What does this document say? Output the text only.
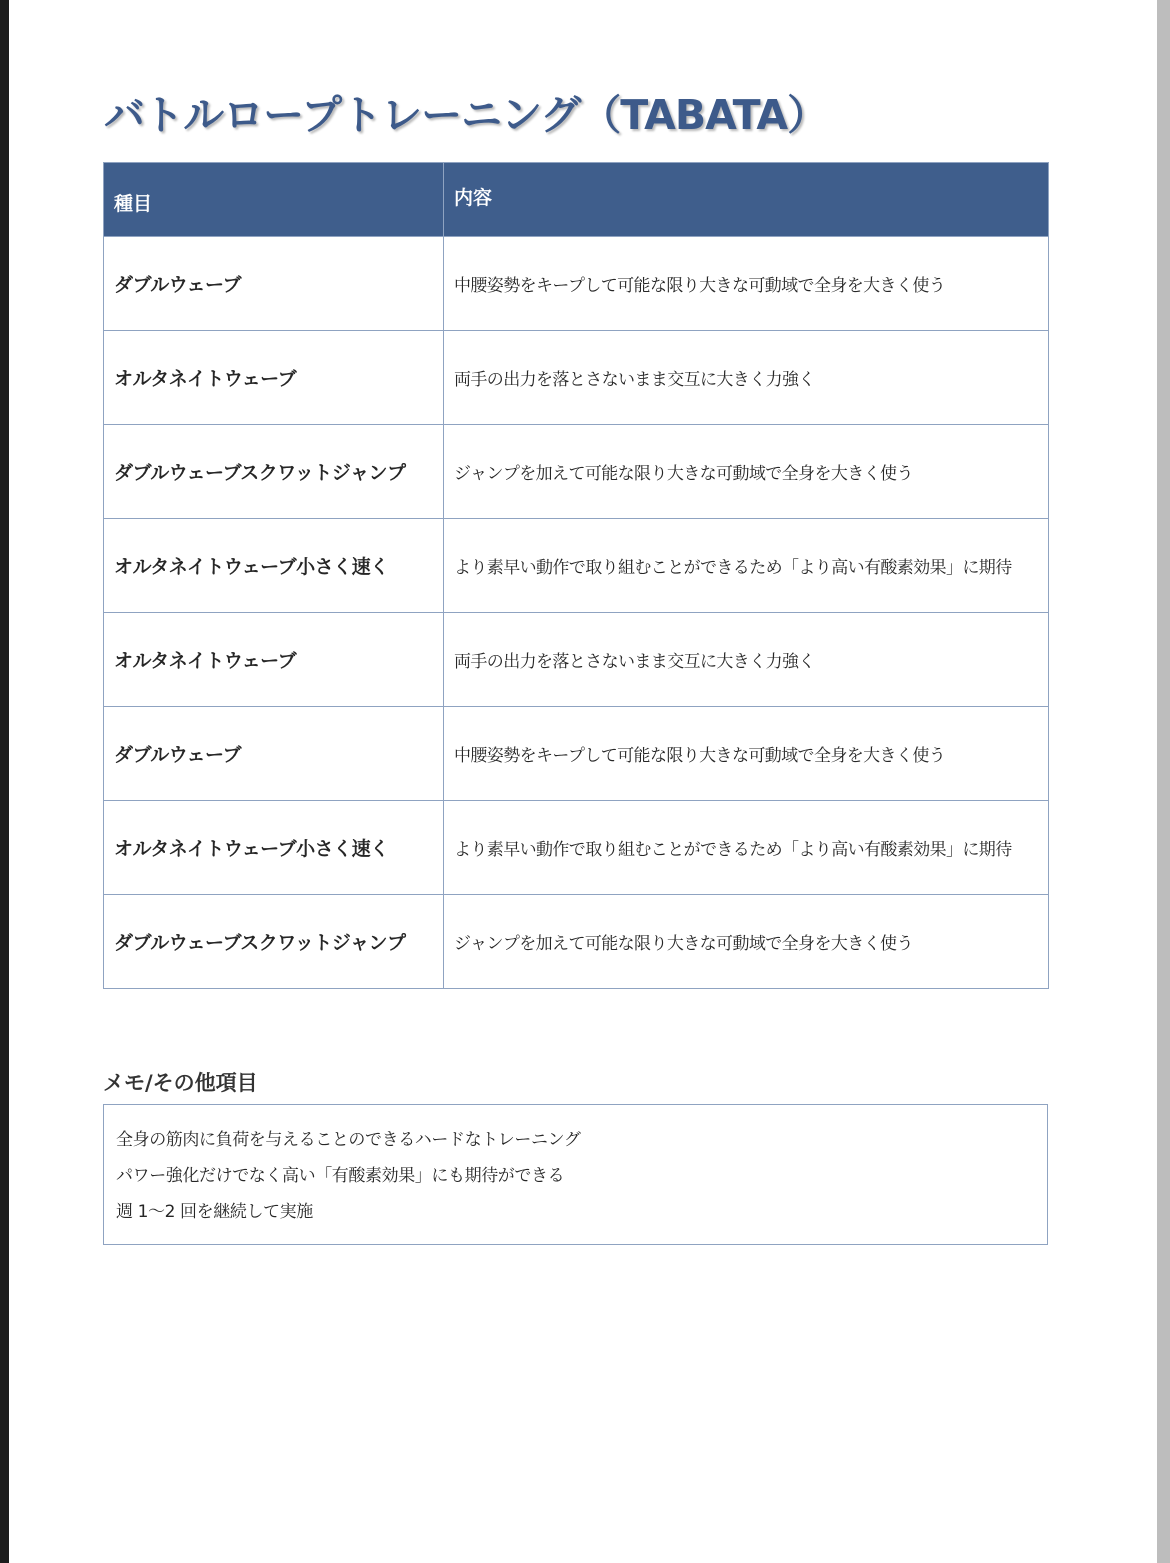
バトルロープトレーニング（TABATA）
種目	内容
ダブルウェーブ	中腰姿勢をキープして可能な限り大きな可動域で全身を大きく使う
オルタネイトウェーブ	両手の出力を落とさないまま交互に大きく力強く
ダブルウェーブスクワットジャンプ	ジャンプを加えて可能な限り大きな可動域で全身を大きく使う
オルタネイトウェーブ小さく速く	より素早い動作で取り組むことができるため「より高い有酸素効果」に期待
オルタネイトウェーブ	両手の出力を落とさないまま交互に大きく力強く
ダブルウェーブ	中腰姿勢をキープして可能な限り大きな可動域で全身を大きく使う
オルタネイトウェーブ小さく速く	より素早い動作で取り組むことができるため「より高い有酸素効果」に期待
ダブルウェーブスクワットジャンプ	ジャンプを加えて可能な限り大きな可動域で全身を大きく使う
メモ/その他項目
全身の筋肉に負荷を与えることのできるハードなトレーニング
パワー強化だけでなく高い「有酸素効果」にも期待ができる
週 1～2 回を継続して実施
